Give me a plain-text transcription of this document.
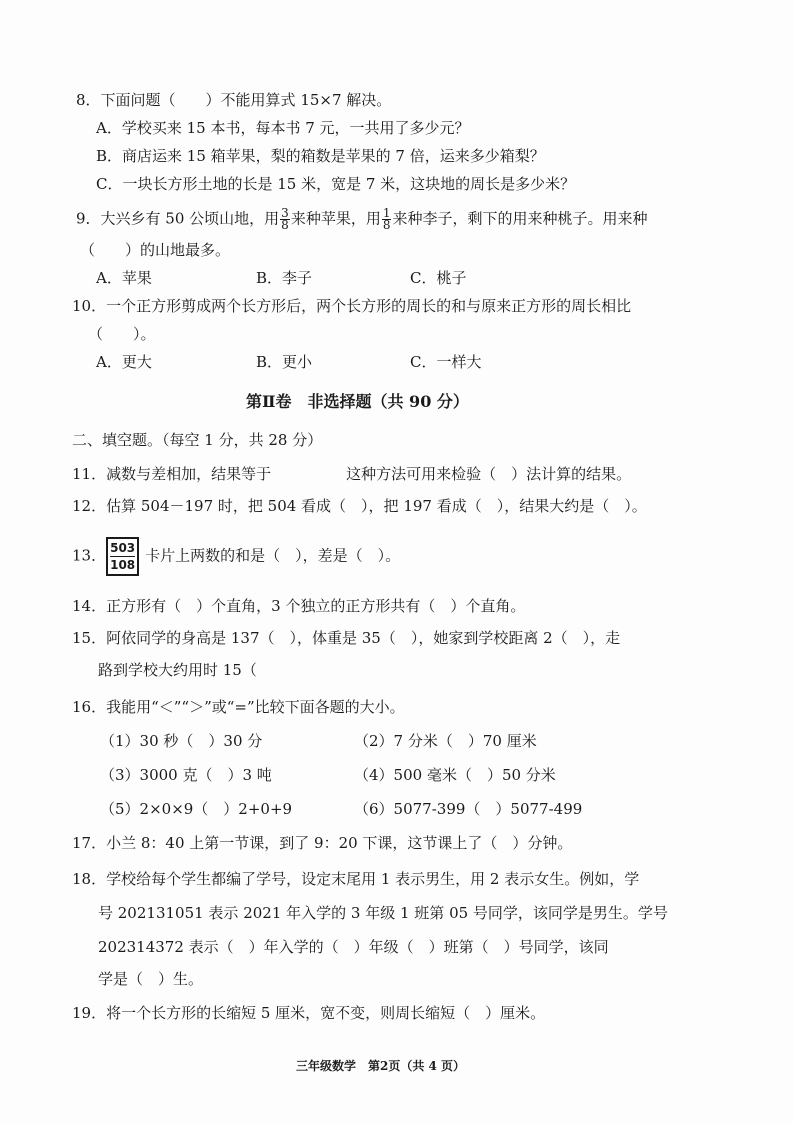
8．下面问题（　　）不能用算式 15×7 解决。
A．学校买来 15 本书，每本书 7 元，一共用了多少元？
B．商店运来 15 箱苹果，梨的箱数是苹果的 7 倍，运来多少箱梨？
C．一块长方形土地的长是 15 米，宽是 7 米，这块地的周长是多少米？
9．大兴乡有 50 公顷山地，用 $\frac{3}{8}$ 来种苹果，用 $\frac{1}{8}$ 来种李子，剩下的用来种桃子。用来种
（　　）的山地最多。
A．苹果	B．李子	C．桃子
10．一个正方形剪成两个长方形后，两个长方形的周长的和与原来正方形的周长相比
（　　）。
A．更大	B．更小	C．一样大
第Ⅱ卷　非选择题（共 90 分）
二、填空题。（每空 1 分，共 28 分）
11．减数与差相加，结果等于　　　　　这种方法可用来检验（　）法计算的结果。
12．估算 504－197 时，把 504 看成（　），把 197 看成（　），结果大约是（　）。
13． $\frac{503}{108}$ 卡片上两数的和是（　），差是（　）。
14．正方形有（　）个直角，3 个独立的正方形共有（　）个直角。
15．阿依同学的身高是 137（　），体重是 35（　），她家到学校距离 2（　），走
路到学校大约用时 15（
16．我能用“＜”“＞”或“=”比较下面各题的大小。
（1）30 秒（　）30 分	（2）7 分米（　）70 厘米
（3）3000 克（　）3 吨	（4）500 毫米（　）50 分米
（5）2×0×9（　）2+0+9	（6）5077-399（　）5077-499
17．小兰 8：40 上第一节课，到了 9：20 下课，这节课上了（　）分钟。
18．学校给每个学生都编了学号，设定末尾用 1 表示男生，用 2 表示女生。例如，学
号 202131051 表示 2021 年入学的 3 年级 1 班第 05 号同学，该同学是男生。学号
202314372 表示（　）年入学的（　）年级（　）班第（　）号同学，该同
学是（　）生。
19．将一个长方形的长缩短 5 厘米，宽不变，则周长缩短（　）厘米。
三年级数学　第2页（共 4 页）
